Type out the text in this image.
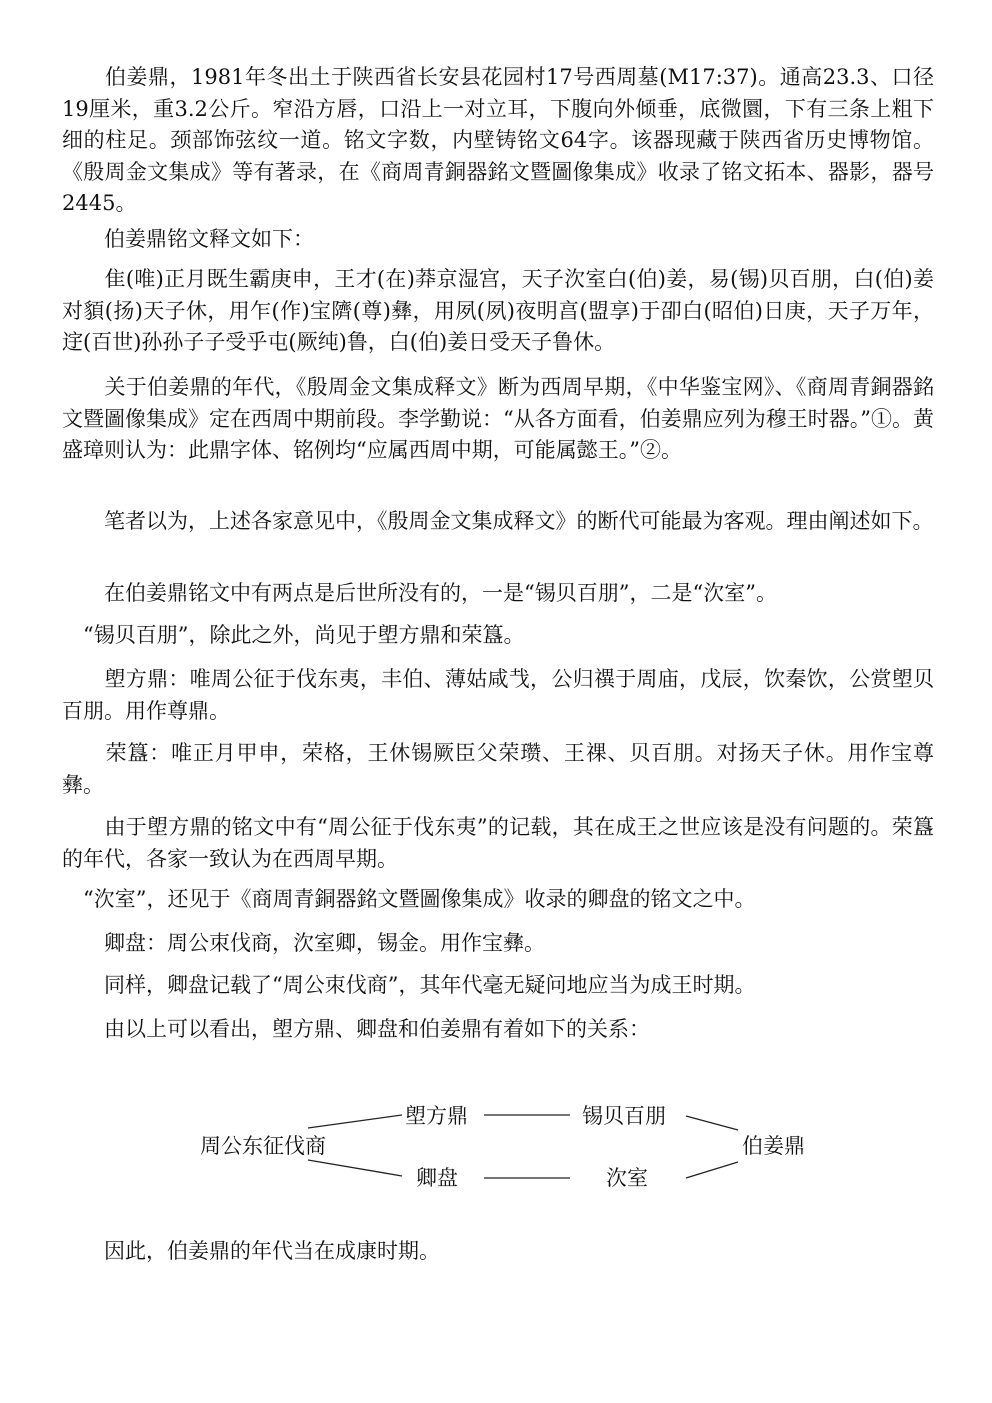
　　伯姜鼎，1981年冬出土于陕西省长安县花园村17号西周墓(M17:37)。通高23.3、口径19厘米，重3.2公斤。窄沿方唇，口沿上一对立耳，下腹向外倾垂，底微圜，下有三条上粗下细的柱足。颈部饰弦纹一道。铭文字数，内壁铸铭文64字。该器现藏于陕西省历史博物馆。《殷周金文集成》等有著录，在《商周青銅器銘文暨圖像集成》收录了铭文拓本、器影，器号2445。

　　伯姜鼎铭文释文如下：

　　隹(唯)正月既生霸庚申，王才(在)莽京湿宫，天子㳄室白(伯)姜，易(锡)贝百朋，白(伯)姜对䫉(扬)天子休，用乍(作)宝隮(尊)彝，用夙(夙)夜明亯(盟享)于卲白(昭伯)日庚，天子万年，䢓(百世)孙孙子子受乎屯(厥纯)鲁，白(伯)姜日受天子鲁休。

　　关于伯姜鼎的年代，《殷周金文集成释文》断为西周早期，《中华鉴宝网》、《商周青銅器銘文暨圖像集成》定在西周中期前段。李学勤说：“从各方面看，伯姜鼎应列为穆王时器。”①。黄盛璋则认为：此鼎字体、铭例均“应属西周中期，可能属懿王。”②。

　　笔者以为，上述各家意见中，《殷周金文集成释文》的断代可能最为客观。理由阐述如下。

　　在伯姜鼎铭文中有两点是后世所没有的，一是“锡贝百朋”，二是“㳄室”。

　“锡贝百朋”，除此之外，尚见于塱方鼎和荣簋。

　　塱方鼎：唯周公征于伐东夷，丰伯、薄姑咸𢦏，公归禩于周庙，戊辰，饮秦饮，公赏塱贝百朋。用作尊鼎。

　　荣簋：唯正月甲申，荣格，王休锡厥臣父荣瓒、王祼、贝百朋。对扬天子休。用作宝尊彝。

　　由于塱方鼎的铭文中有“周公征于伐东夷”的记载，其在成王之世应该是没有问题的。荣簋的年代，各家一致认为在西周早期。

　“㳄室”，还见于《商周青銅器銘文暨圖像集成》收录的卿盘的铭文之中。

　　卿盘：周公朿伐商，㳄室卿，锡金。用作宝彝。

　　同样，卿盘记载了“周公朿伐商”，其年代毫无疑问地应当为成王时期。

　　由以上可以看出，塱方鼎、卿盘和伯姜鼎有着如下的关系：

周公东征伐商
塱方鼎	锡贝百朋
卿盘	㳄室
伯姜鼎

　　因此，伯姜鼎的年代当在成康时期。
